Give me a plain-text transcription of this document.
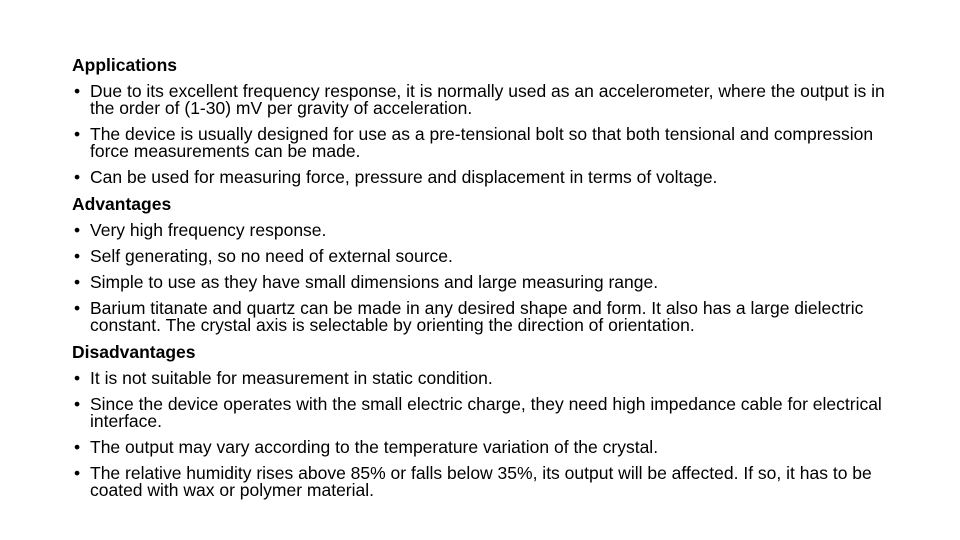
Applications

• Due to its excellent frequency response, it is normally used as an accelerometer, where the output is in the order of (1-30) mV per gravity of acceleration.

• The device is usually designed for use as a pre-tensional bolt so that both tensional and compression force measurements can be made.

• Can be used for measuring force, pressure and displacement in terms of voltage.

Advantages

• Very high frequency response.

• Self generating, so no need of external source.

• Simple to use as they have small dimensions and large measuring range.

• Barium titanate and quartz can be made in any desired shape and form. It also has a large dielectric constant. The crystal axis is selectable by orienting the direction of orientation.

Disadvantages

• It is not suitable for measurement in static condition.

• Since the device operates with the small electric charge, they need high impedance cable for electrical interface.

• The output may vary according to the temperature variation of the crystal.

• The relative humidity rises above 85% or falls below 35%, its output will be affected. If so, it has to be coated with wax or polymer material.
